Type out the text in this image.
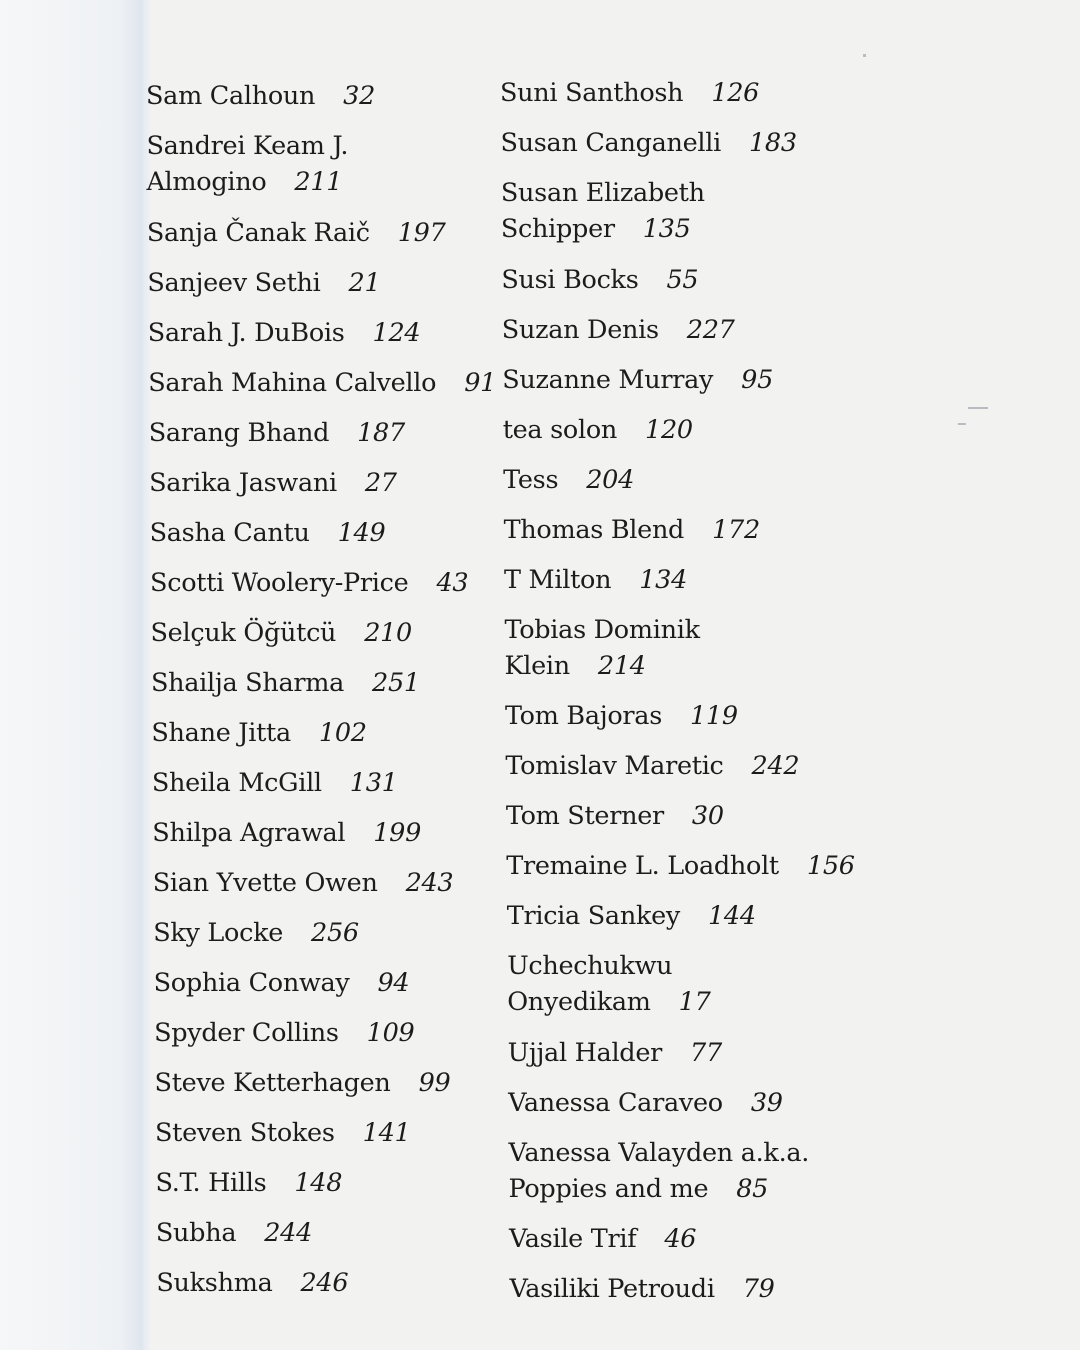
Sam Calhoun 32
Sandrei Keam J.
Almogino 211
Sanja Čanak Raič 197
Sanjeev Sethi 21
Sarah J. DuBois 124
Sarah Mahina Calvello 91
Sarang Bhand 187
Sarika Jaswani 27
Sasha Cantu 149
Scotti Woolery-Price 43
Selçuk Öğütcü 210
Shailja Sharma 251
Shane Jitta 102
Sheila McGill 131
Shilpa Agrawal 199
Sian Yvette Owen 243
Sky Locke 256
Sophia Conway 94
Spyder Collins 109
Steve Ketterhagen 99
Steven Stokes 141
S.T. Hills 148
Subha 244
Sukshma 246
Suni Santhosh 126
Susan Canganelli 183
Susan Elizabeth
Schipper 135
Susi Bocks 55
Suzan Denis 227
Suzanne Murray 95
tea solon 120
Tess 204
Thomas Blend 172
T Milton 134
Tobias Dominik
Klein 214
Tom Bajoras 119
Tomislav Maretic 242
Tom Sterner 30
Tremaine L. Loadholt 156
Tricia Sankey 144
Uchechukwu
Onyedikam 17
Ujjal Halder 77
Vanessa Caraveo 39
Vanessa Valayden a.k.a.
Poppies and me 85
Vasile Trif 46
Vasiliki Petroudi 79
